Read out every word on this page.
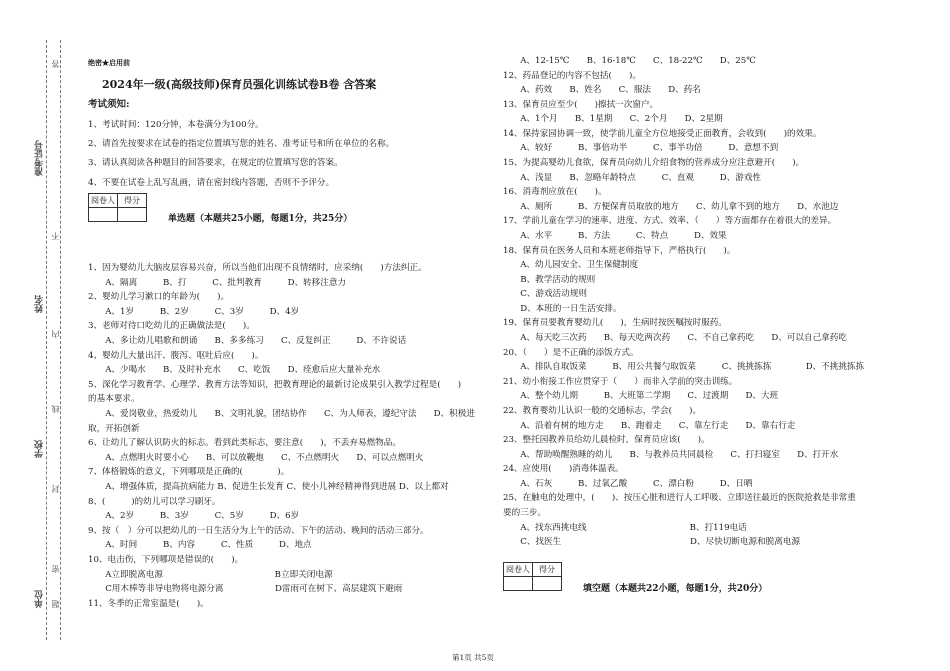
准考证号
姓名
学校
单位
答
不
内
线
封
密
题
绝密★启用前
2024年一级(高级技师)保育员强化训练试卷B卷 含答案
考试须知:
1、考试时间：120分钟，本卷满分为100分。
2、请首先按要求在试卷的指定位置填写您的姓名、准考证号和所在单位的名称。
3、请认真阅读各种题目的回答要求，在规定的位置填写您的答案。
4、不要在试卷上乱写乱画，请在密封线内答题，否则不予评分。
阅卷人	得分

单选题（本题共25小题，每题1分，共25分）
1、因为婴幼儿大脑皮层容易兴奋，所以当他们出现不良情绪时，应采纳(　　)方法纠正。
　　A、隔离　　　B、打　　　C、批判教育　　　D、转移注意力
2、婴幼儿学习漱口的年龄为(　　)。
　　A、1岁　　　B、2岁　　　C、3岁　　　D、4岁
3、老师对待口吃幼儿的正确做法是(　　)。
　　A、多让幼儿唱歌和朗诵　　B、多多练习　　C、反复纠正　　　D、不许说话
4、婴幼儿大量出汗、腹泻、呕吐后应(　　)。
　　A、少喝水　　B、及时补充水　　C、吃饭　　D、痊愈后应大量补充水
5、深化学习教育学、心理学、教育方法等知识，把教育理论的最新讨论成果引入教学过程是(　　)
的基本要求。
　　A、爱岗敬业，热爱幼儿　　B、文明礼貌，团结协作　　C、为人师表，遵纪守法　　D、积极进
取，开拓创新
6、让幼儿了解认识防火的标志。看到此类标志，要注意(　　)，不丢弃易燃物品。
　　A、点燃明火时要小心　　B、可以放鞭炮　　C、不点燃明火　　D、可以点燃明火
7、体格锻炼的意义，下列哪项是正确的(　　　　)。
　　A、增强体质，提高抗病能力 B、促进生长发育 C、使小儿神经精神得到进展 D、以上都对
8、(　　　)的幼儿可以学习刷牙。
　　A、2岁　　　B、3岁　　　C、5岁　　　D、6岁
9、按（　）分可以把幼儿的一日生活分为上午的活动、下午的活动、晚间的活动三部分。
　　A、时间　　　B、内容　　　C、性质　　　D、地点
10、电击伤，下列哪项是错误的(　　)。
　　A立即脱离电源　　　　　　　　　　　　　B立即关闭电源
　　C用木棒等非导电物将电源分离　　　　　　D雷雨可在树下、高层建筑下避雨
11、冬季的正常室温是(　　)。
　　A、12-15℃　　B、16-18℃　　C、18-22℃　　D、25℃
12、药品登记的内容不包括(　　)。
　　A、药效　　B、姓名　　C、服法　　D、药名
13、保育员应至少(　　)擦拭一次窗户。
　　A、1个月　　B、1星期　　C、2个月　　D、2星期
14、保持家园协调一致，使学前儿童全方位地接受正面教育，会收到(　　)的效果。
　　A、较好　　　B、事倍功半　　　C、事半功倍　　　D、意想不到
15、为提高婴幼儿食欲，保育员向幼儿介绍食物的营养成分应注意避开(　　)。
　　A、浅显　　B、忽略年龄特点　　　C、直观　　　D、游戏性
16、消毒剂应放在(　　)。
　　A、厕所　　　B、方便保育员取放的地方　　C、幼儿拿不到的地方　　D、水池边
17、学前儿童在学习的速率、进度、方式、效率、（　　）等方面都存在着很大的差异。
　　A、水平　　　B、方法　　　C、特点　　　D、效果
18、保育员在医务人员和本班老师指导下，严格执行(　　)。
　　A、幼儿园安全、卫生保健制度
　　B、教学活动的规则
　　C、游戏活动规则
　　D、本班的一日生活安排。
19、保育员要教育婴幼儿(　　)，生病时按医嘱按时服药。
　　A、每天吃三次药　　B、每天吃两次药　　C、不自己拿药吃　　D、可以自己拿药吃
20、（　　）是不正确的添饭方式。
　　A、排队自取饭菜　　　B、用公共餐勺取饭菜　　　C、挑挑拣拣　　　　D、不挑挑拣拣
21、幼小衔接工作应贯穿于（　　）而非入学前的突击训练。
　　A、整个幼儿期　　　B、大班第二学期　　C、过渡期　　D、大班
22、教育婴幼儿认识一般的交通标志，学会(　　)。
　　A、沿着有树的地方走　　B、跑着走　　C、靠左行走　　D、靠右行走
23、整托园教养员给幼儿晨检时，保育员应该(　　)。
　　A、帮助唤醒熟睡的幼儿　　B、与教养员共同晨检　　C、打扫寝室　　D、打开水
24、应使用(　　)消毒体温表。
　　A、石灰　　　B、过氧乙酸　　　C、漂白粉　　　D、日晒
25、在触电的处理中，(　　)、按压心脏和进行人工呼吸、立即送往最近的医院抢救是非常重
要的三步。
　　A、找东西挑电线　　　　　　　　　　　　B、打119电话
　　C、找医生　　　　　　　　　　　　　　　D、尽快切断电源和脱离电源
阅卷人	得分

填空题（本题共22小题，每题1分，共20分）
第1页 共5页
